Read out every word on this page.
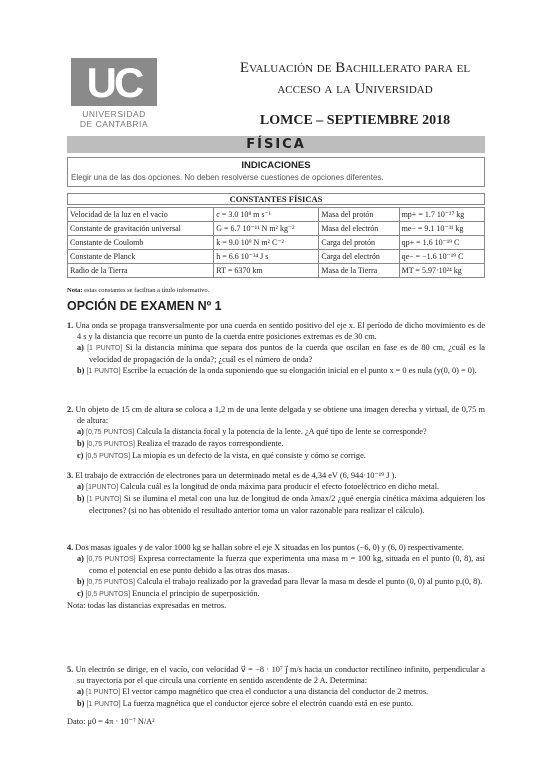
UC
UNIVERSIDAD
DE CANTABRIA
Evaluación de Bachillerato para el
acceso a la Universidad
LOMCE – SEPTIEMBRE 2018
FÍSICA
INDICACIONES
Elegir una de las dos opciones. No deben resolverse cuestiones de opciones diferentes.
CONSTANTES FÍSICAS
Velocidad de la luz en el vacío	c = 3.0 10⁸ m s⁻¹	Masa del protón	mp+ = 1.7 10⁻²⁷ kg
Constante de gravitación universal	G = 6.7 10⁻¹¹ N m² kg⁻²	Masa del electrón	me− = 9.1 10⁻³¹ kg
Constante de Coulomb	k = 9.0 10⁹ N m² C⁻²	Carga del protón	qp+ = 1.6 10⁻¹⁹ C
Constante de Planck	h = 6.6 10⁻³⁴ J s	Carga del electrón	qe− = −1.6 10⁻¹⁹ C
Radio de la Tierra	RT = 6370 km	Masa de la Tierra	MT = 5.97·10²⁴ kg
Nota: estas constantes se facilitan a título informativo.
OPCIÓN DE EXAMEN Nº 1

1. Una onda se propaga transversalmente por una cuerda en sentido positivo del eje x. El período de dicho movimiento es de 4 s y la distancia que recorre un punto de la cuerda entre posiciones extremas es de 30 cm.

a) [1 PUNTO] Si la distancia mínima que separa dos puntos de la cuerda que oscilan en fase es de 80 cm, ¿cuál es la velocidad de propagación de la onda?; ¿cuál es el número de onda?

b) [1 PUNTO] Escribe la ecuación de la onda suponiendo que su elongación inicial en el punto x = 0 es nula (y(0, 0) = 0).

2. Un objeto de 15 cm de altura se coloca a 1,2 m de una lente delgada y se obtiene una imagen derecha y virtual, de 0,75 m de altura:

a) [0,75 PUNTOS] Calcula la distancia focal y la potencia de la lente. ¿A qué tipo de lente se corresponde?

b) [0,75 PUNTOS] Realiza el trazado de rayos correspondiente.

c) [0,5 PUNTOS] La miopía es un defecto de la vista, en qué consiste y cómo se corrige.

3. El trabajo de extracción de electrones para un determinado metal es de 4,34 eV (6, 944·10⁻¹⁹ J ).

a) [1PUNTO] Calcula cuál es la longitud de onda máxima para producir el efecto fotoeléctrico en dicho metal.

b) [1 PUNTO] Si se ilumina el metal con una luz de longitud de onda λmax/2 ¿qué energía cinética máxima adquieren los electrones? (si no has obtenido el resultado anterior toma un valor razonable para realizar el cálculo).

4. Dos masas iguales y de valor 1000 kg se hallan sobre el eje X situadas en los puntos (−6, 0) y (6, 0) respectivamente.

a) [0,75 PUNTOS] Expresa correctamente la fuerza que experimenta una masa m = 100 kg, situada en el punto (0, 8), así como el potencial en ese punto debido a las otras dos masas.

b) [0,75 PUNTOS] Calcula el trabajo realizado por la gravedad para llevar la masa m desde el punto (0, 0) al punto p.(0, 8).

c) [0,5 PUNTOS] Enuncia el principio de superposición.

Nota: todas las distancias expresadas en metros.

5. Un electrón se dirige, en el vacío, con velocidad v⃗ = −8 · 10⁷ j⃗ m/s hacia un conductor rectilíneo infinito, perpendicular a su trayectoria por el que circula una corriente en sentido ascendente de 2 A. Determina:

a) [1 PUNTO] El vector campo magnético que crea el conductor a una distancia del conductor de 2 metros.

b) [1 PUNTO] La fuerza magnética que el conductor ejerce sobre el electrón cuando está en ese punto.

Dato: μ0 = 4π · 10⁻⁷ N/A²
